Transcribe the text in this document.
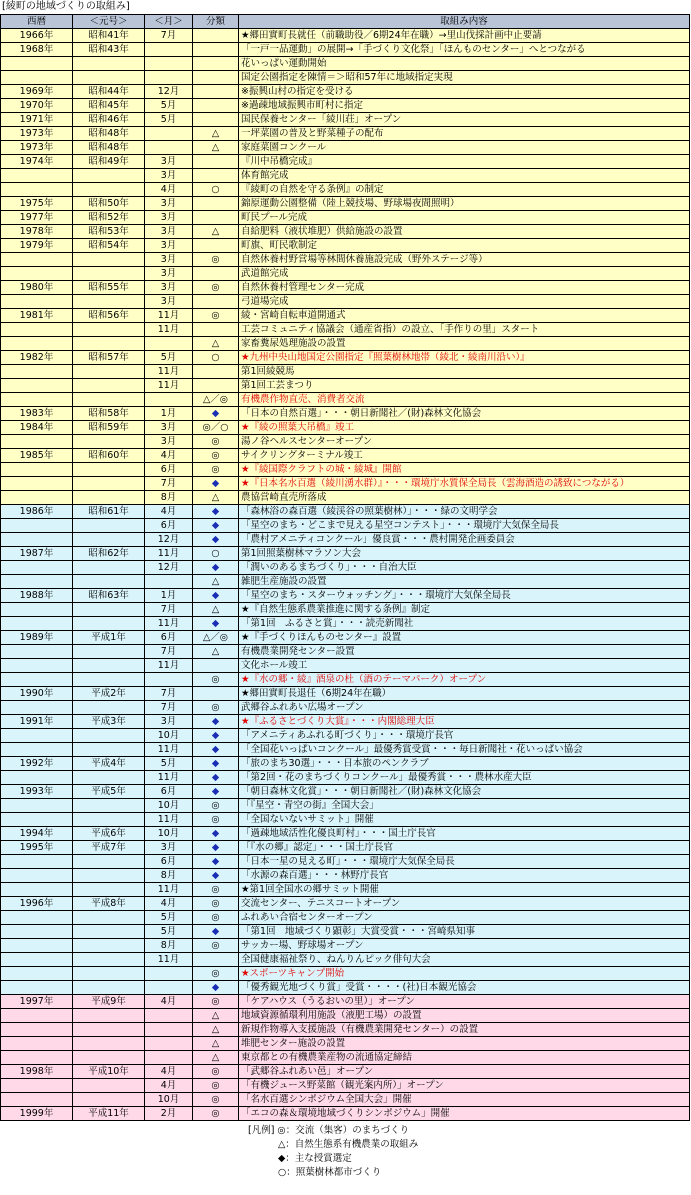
[綾町の地域づくりの取組み]
西暦	＜元号＞	＜月＞	分類	取組み内容
1966年	昭和41年	7月		★郷田實町長就任（前職助役／6期24年在職）→里山伐採計画中止要請
1968年	昭和43年			「一戸一品運動」の展開→「手づくり文化祭」「ほんものセンター」へとつながる
				花いっぱい運動開始
				国定公園指定を陳情＝＞昭和57年に地域指定実現
1969年	昭和44年	12月		※振興山村の指定を受ける
1970年	昭和45年	5月		※過疎地域振興市町村に指定
1971年	昭和46年	5月		国民保養センター「綾川荘」オープン
1973年	昭和48年		△	一坪菜園の普及と野菜種子の配布
1973年	昭和48年		△	家庭菜園コンクール
1974年	昭和49年	3月		『川中吊橋完成』
		3月		体育館完成
		4月	○	『綾町の自然を守る条例』の制定
1975年	昭和50年	3月		錦原運動公園整備（陸上競技場、野球場夜間照明）
1977年	昭和52年	3月		町民プール完成
1978年	昭和53年	3月	△	自給肥料（液状堆肥）供給施設の設置
1979年	昭和54年	3月		町旗、町民歌制定
		3月	◎	自然休養村野営場等林間休養施設完成（野外ステージ等）
		3月		武道館完成
1980年	昭和55年	3月	◎	自然休養村管理センター完成
		3月		弓道場完成
1981年	昭和56年	11月	◎	綾・宮崎自転車道開通式
		11月		工芸コミュニティ協議会（通産省指）の設立、「手作りの里」スタート
			△	家畜糞尿処理施設の設置
1982年	昭和57年	5月	○	★九州中央山地国定公園指定『照葉樹林地帯（綾北・綾南川沿い）』
		11月		第1回綾競馬
		11月		第1回工芸まつり
			△／◎	有機農作物直売、消費者交流
1983年	昭和58年	1月	◆	「日本の自然百選」・・・朝日新聞社／(財)森林文化協会
1984年	昭和59年	3月	◎／○	★『綾の照葉大吊橋』竣工
		3月	◎	湯ノ谷ヘルスセンターオープン
1985年	昭和60年	4月	◎	サイクリングターミナル竣工
		6月	◎	★『綾国際クラフトの城・綾城』開館
		7月	◆	★『日本名水百選（綾川湧水群）』・・・環境庁水質保全局長（雲海酒造の誘致につながる）
		8月	△	農協営崎直売所落成
1986年	昭和61年	4月	◆	「森林浴の森百選（綾渓谷の照葉樹林）」・・・緑の文明学会
		6月	◆	「星空のまち・どこまで見える星空コンテスト」・・・環境庁大気保全局長
		12月	◆	「農村アメニティコンクール」優良賞・・・農村開発企画委員会
1987年	昭和62年	11月	○	第1回照葉樹林マラソン大会
		12月	◆	「潤いのあるまちづくり」・・・自治大臣
			△	雑肥生産施設の設置
1988年	昭和63年	1月	◆	「星空のまち・スターウォッチング」・・・環境庁大気保全局長
		7月	△	★『自然生態系農業推進に関する条例』制定
		11月	◆	「第1回　ふるさと賞」・・・読売新聞社
1989年	平成1年	6月	△／◎	★『手づくりほんものセンター』設置
		7月	△	有機農業開発センター設置
		11月		文化ホール竣工
			◎	★『水の郷・綾』酒泉の杜（酒のテーマパーク）オープン
1990年	平成2年	7月		★郷田實町長退任（6期24年在職）
		7月	◎	武郷谷ふれあい広場オープン
1991年	平成3年	3月	◆	★『ふるさとづくり大賞』・・・内閣総理大臣
		10月	◆	「アメニティあふれる町づくり」・・・環境庁長官
		11月	◆	「全国花いっぱいコンクール」最優秀賞受賞・・・毎日新聞社・花いっぱい協会
1992年	平成4年	5月	◆	「旅のまち30選」・・・日本旅のペンクラブ
		11月	◆	「第2回・花のまちづくりコンクール」最優秀賞・・・農林水産大臣
1993年	平成5年	6月	◆	「朝日森林文化賞」・・・朝日新聞社／(財)森林文化協会
		10月	◎	「『星空・青空の街』全国大会」
		11月	◎	「全国ないないサミット」開催
1994年	平成6年	10月	◆	「過疎地域活性化優良町村」・・・国土庁長官
1995年	平成7年	3月	◆	「『水の郷』認定」・・・国土庁長官
		6月	◆	「日本一星の見える町」・・・環境庁大気保全局長
		8月	◆	「水源の森百選」・・・林野庁長官
		11月	◎	★第1回全国水の郷サミット開催
1996年	平成8年	4月	◎	交流センター、テニスコートオープン
		5月	◎	ふれあい合宿センターオープン
		5月	◆	「第1回　地域づくり顕彰」大賞受賞・・・宮崎県知事
		8月	◎	サッカー場、野球場オープン
		11月		全国健康福祉祭り、ねんりんピック俳句大会
			◎	★スポーツキャンプ開始
			◆	「優秀観光地づくり賞」受賞・・・・(社)日本観光協会
1997年	平成9年	4月	◎	「ケアハウス（うるおいの里）」オープン
			△	地域資源循環利用施設（液肥工場）の設置
			△	新規作物導入支援施設（有機農業開発センター）の設置
			△	堆肥センター施設の設置
			△	東京都との有機農業産物の流通協定締結
1998年	平成10年	4月	◎	「武郷谷ふれあい邑」オープン
		4月	◎	「有機ジュース野菜館（観光案内所）」オープン
		10月	◎	「名水百選シンポジウム全国大会」開催
1999年	平成11年	2月	◎	「エコの森＆環境地域づくりシンポジウム」開催
[凡例] ◎：交流（集客）のまちづくり
△：自然生態系有機農業の取組み
◆：主な授賞選定
○：照葉樹林都市づくり
